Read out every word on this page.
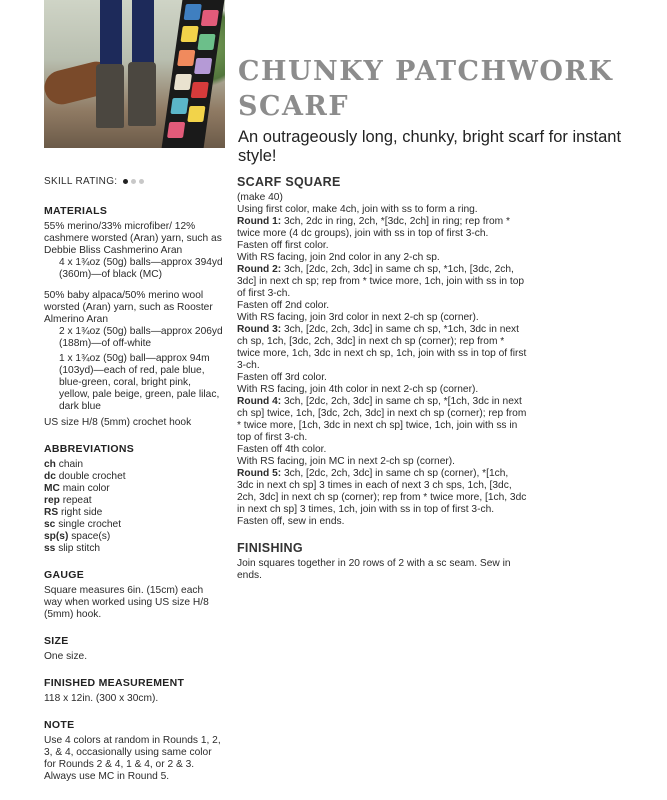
CHUNKY PATCHWORK
SCARF

An outrageously long, chunky, bright scarf for instant style!

SKILL RATING:

MATERIALS

55% merino/33% microfiber/ 12% cashmere worsted (Aran) yarn, such as Debbie Bliss Cashmerino Aran

4 x 1¾oz (50g) balls—approx 394yd (360m)—of black (MC)

50% baby alpaca/50% merino wool worsted (Aran) yarn, such as Rooster Almerino Aran

2 x 1¾oz (50g) balls—approx 206yd (188m)—of off-white

1 x 1¾oz (50g) ball—approx 94m (103yd)—each of red, pale blue, blue-green, coral, bright pink, yellow, pale beige, green, pale lilac, dark blue

US size H/8 (5mm) crochet hook

ABBREVIATIONS

ch chain

dc double crochet

MC main color

rep repeat

RS right side

sc single crochet

sp(s) space(s)

ss slip stitch

GAUGE

Square measures 6in. (15cm) each way when worked using US size H/8 (5mm) hook.

SIZE

One size.

FINISHED MEASUREMENT

118 x 12in. (300 x 30cm).

NOTE

Use 4 colors at random in Rounds 1, 2, 3, & 4, occasionally using same color for Rounds 2 & 4, 1 & 4, or 2 & 3. Always use MC in Round 5.

SCARF SQUARE

(make 40)

Using first color, make 4ch, join with ss to form a ring.

Round 1: 3ch, 2dc in ring, 2ch, *[3dc, 2ch] in ring; rep from * twice more (4 dc groups), join with ss in top of first 3-ch.

Fasten off first color.

With RS facing, join 2nd color in any 2-ch sp.

Round 2: 3ch, [2dc, 2ch, 3dc] in same ch sp, *1ch, [3dc, 2ch, 3dc] in next ch sp; rep from * twice more, 1ch, join with ss in top of first 3-ch.

Fasten off 2nd color.

With RS facing, join 3rd color in next 2-ch sp (corner).

Round 3: 3ch, [2dc, 2ch, 3dc] in same ch sp, *1ch, 3dc in next ch sp, 1ch, [3dc, 2ch, 3dc] in next ch sp (corner); rep from * twice more, 1ch, 3dc in next ch sp, 1ch, join with ss in top of first 3-ch.

Fasten off 3rd color.

With RS facing, join 4th color in next 2-ch sp (corner).

Round 4: 3ch, [2dc, 2ch, 3dc] in same ch sp, *[1ch, 3dc in next ch sp] twice, 1ch, [3dc, 2ch, 3dc] in next ch sp (corner); rep from * twice more, [1ch, 3dc in next ch sp] twice, 1ch, join with ss in top of first 3-ch.

Fasten off 4th color.

With RS facing, join MC in next 2-ch sp (corner).

Round 5: 3ch, [2dc, 2ch, 3dc] in same ch sp (corner), *[1ch, 3dc in next ch sp] 3 times in each of next 3 ch sps, 1ch, [3dc, 2ch, 3dc] in next ch sp (corner); rep from * twice more, [1ch, 3dc in next ch sp] 3 times, 1ch, join with ss in top of first 3-ch.

Fasten off, sew in ends.

FINISHING

Join squares together in 20 rows of 2 with a sc seam. Sew in ends.
